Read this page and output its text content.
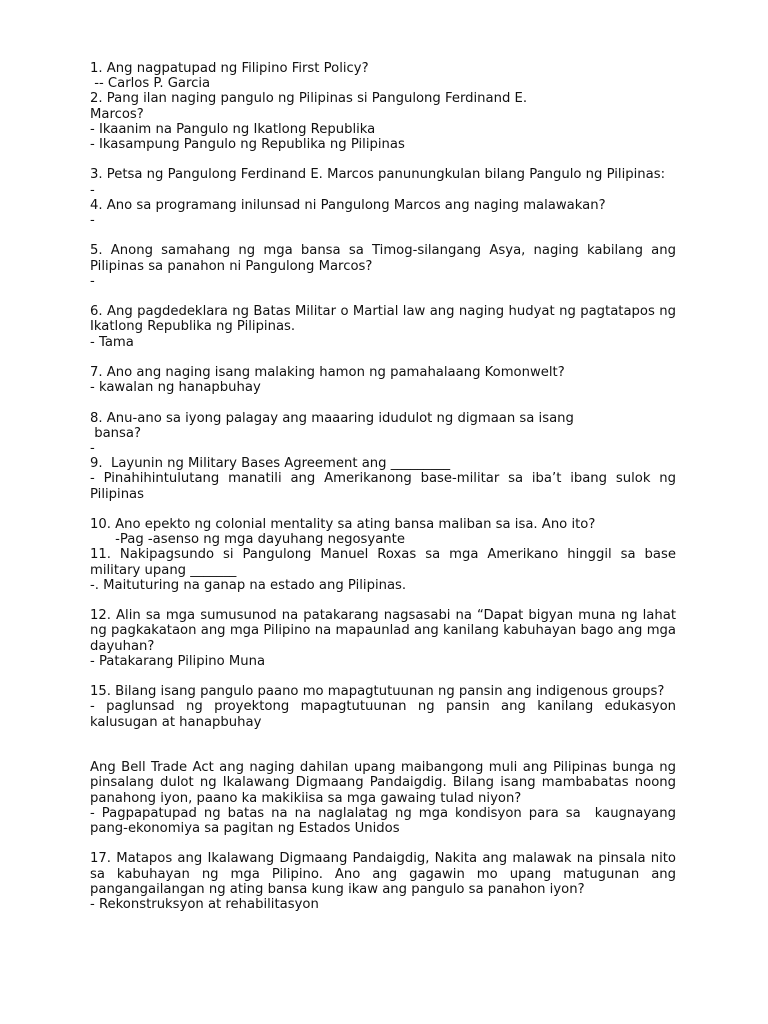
1. Ang nagpatupad ng Filipino First Policy?
-- Carlos P. Garcia
2. Pang ilan naging pangulo ng Pilipinas si Pangulong Ferdinand E.
Marcos?
- Ikaanim na Pangulo ng Ikatlong Republika
- Ikasampung Pangulo ng Republika ng Pilipinas
3. Petsa ng Pangulong Ferdinand E. Marcos panunungkulan bilang Pangulo ng Pilipinas:
-
4. Ano sa programang inilunsad ni Pangulong Marcos ang naging malawakan?
-
5. Anong samahang ng mga bansa sa Timog-silangang Asya, naging kabilang ang Pilipinas sa panahon ni Pangulong Marcos?
-
6. Ang pagdedeklara ng Batas Militar o Martial law ang naging hudyat ng pagtatapos ng Ikatlong Republika ng Pilipinas.
- Tama
7. Ano ang naging isang malaking hamon ng pamahalaang Komonwelt?
- kawalan ng hanapbuhay
8. Anu-ano sa iyong palagay ang maaaring idudulot ng digmaan sa isang
bansa?
-
9.  Layunin ng Military Bases Agreement ang _________
- Pinahihintulutang manatili ang Amerikanong base-militar sa iba’t ibang sulok ng Pilipinas
10. Ano epekto ng colonial mentality sa ating bansa maliban sa isa. Ano ito?
-Pag -asenso ng mga dayuhang negosyante
11. Nakipagsundo si Pangulong Manuel Roxas sa mga Amerikano hinggil sa base military upang _______
-. Maituturing na ganap na estado ang Pilipinas.
12. Alin sa mga sumusunod na patakarang nagsasabi na “Dapat bigyan muna ng lahat ng pagkakataon ang mga Pilipino na mapaunlad ang kanilang kabuhayan bago ang mga dayuhan?
- Patakarang Pilipino Muna
15. Bilang isang pangulo paano mo mapagtutuunan ng pansin ang indigenous groups?
- paglunsad ng proyektong mapagtutuunan ng pansin ang kanilang edukasyon kalusugan at hanapbuhay
Ang Bell Trade Act ang naging dahilan upang maibangong muli ang Pilipinas bunga ng pinsalang dulot ng Ikalawang Digmaang Pandaigdig. Bilang isang mambabatas noong panahong iyon, paano ka makikiisa sa mga gawaing tulad niyon?
- Pagpapatupad ng batas na na naglalatag ng mga kondisyon para sa  kaugnayang pang-ekonomiya sa pagitan ng Estados Unidos
17. Matapos ang Ikalawang Digmaang Pandaigdig, Nakita ang malawak na pinsala nito sa kabuhayan ng mga Pilipino. Ano ang gagawin mo upang matugunan ang pangangailangan ng ating bansa kung ikaw ang pangulo sa panahon iyon?
- Rekonstruksyon at rehabilitasyon
